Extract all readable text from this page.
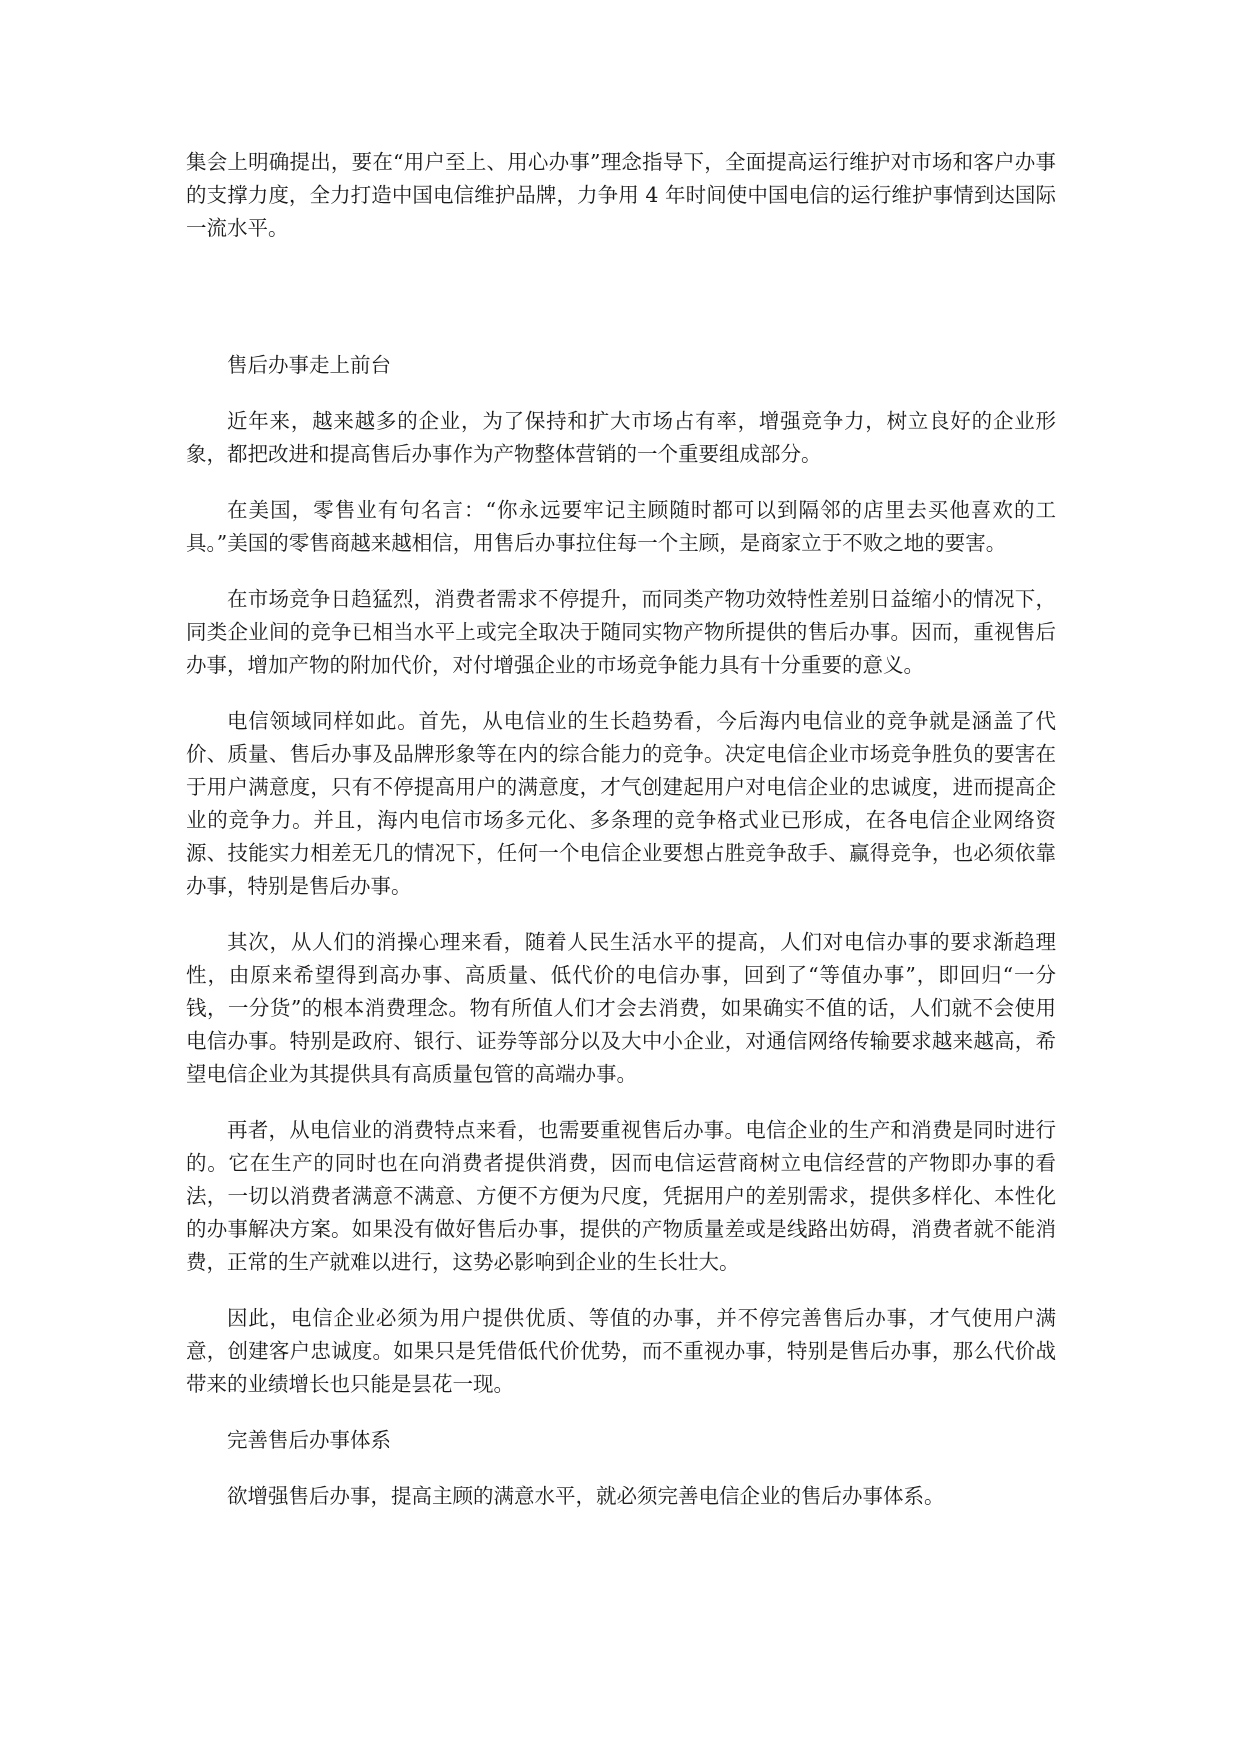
集会上明确提出，要在“用户至上、用心办事”理念指导下，全面提高运行维护对市场和客户办事的支撑力度，全力打造中国电信维护品牌，力争用 4 年时间使中国电信的运行维护事情到达国际一流水平。

售后办事走上前台

近年来，越来越多的企业，为了保持和扩大市场占有率，增强竞争力，树立良好的企业形象，都把改进和提高售后办事作为产物整体营销的一个重要组成部分。

在美国，零售业有句名言：“你永远要牢记主顾随时都可以到隔邻的店里去买他喜欢的工具。”美国的零售商越来越相信，用售后办事拉住每一个主顾，是商家立于不败之地的要害。

在市场竞争日趋猛烈，消费者需求不停提升，而同类产物功效特性差别日益缩小的情况下，同类企业间的竞争已相当水平上或完全取决于随同实物产物所提供的售后办事。因而，重视售后办事，增加产物的附加代价，对付增强企业的市场竞争能力具有十分重要的意义。

电信领域同样如此。首先，从电信业的生长趋势看，今后海内电信业的竞争就是涵盖了代价、质量、售后办事及品牌形象等在内的综合能力的竞争。决定电信企业市场竞争胜负的要害在于用户满意度，只有不停提高用户的满意度，才气创建起用户对电信企业的忠诚度，进而提高企业的竞争力。并且，海内电信市场多元化、多条理的竞争格式业已形成，在各电信企业网络资源、技能实力相差无几的情况下，任何一个电信企业要想占胜竞争敌手、赢得竞争，也必须依靠办事，特别是售后办事。

其次，从人们的消操心理来看，随着人民生活水平的提高，人们对电信办事的要求渐趋理性，由原来希望得到高办事、高质量、低代价的电信办事，回到了“等值办事”，即回归“一分钱，一分货”的根本消费理念。物有所值人们才会去消费，如果确实不值的话，人们就不会使用电信办事。特别是政府、银行、证券等部分以及大中小企业，对通信网络传输要求越来越高，希望电信企业为其提供具有高质量包管的高端办事。

再者，从电信业的消费特点来看，也需要重视售后办事。电信企业的生产和消费是同时进行的。它在生产的同时也在向消费者提供消费，因而电信运营商树立电信经营的产物即办事的看法，一切以消费者满意不满意、方便不方便为尺度，凭据用户的差别需求，提供多样化、本性化的办事解决方案。如果没有做好售后办事，提供的产物质量差或是线路出妨碍，消费者就不能消费，正常的生产就难以进行，这势必影响到企业的生长壮大。

因此，电信企业必须为用户提供优质、等值的办事，并不停完善售后办事，才气使用户满意，创建客户忠诚度。如果只是凭借低代价优势，而不重视办事，特别是售后办事，那么代价战带来的业绩增长也只能是昙花一现。

完善售后办事体系

欲增强售后办事，提高主顾的满意水平，就必须完善电信企业的售后办事体系。
